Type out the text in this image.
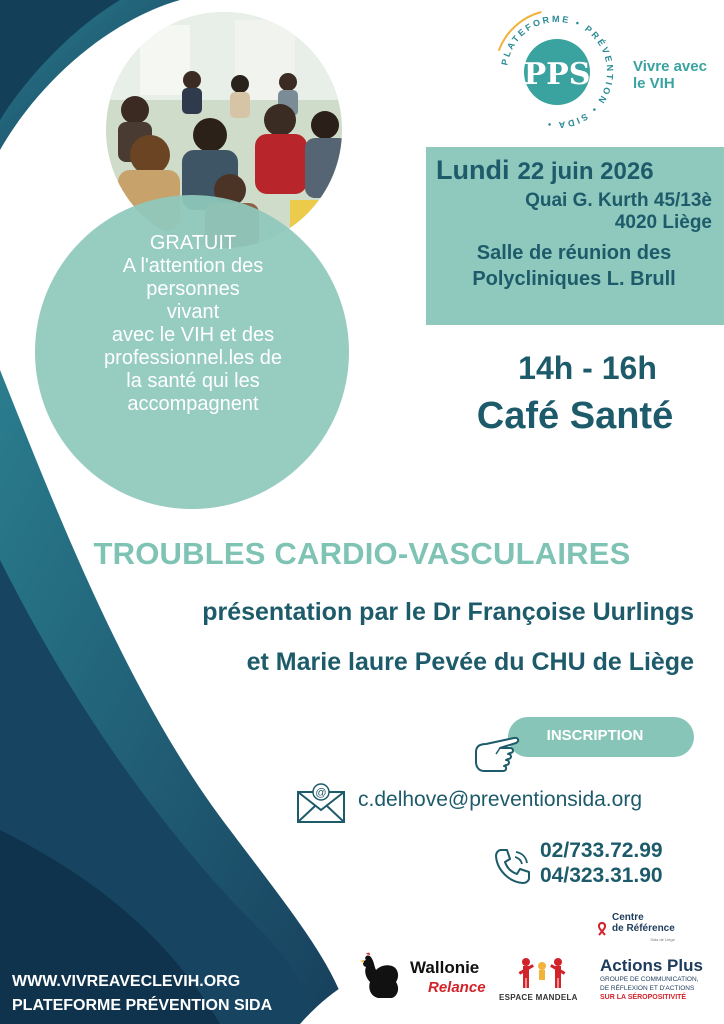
PPS
PLATEFORME • PRÉVENTION • SIDA •
Vivre avec
le VIH
Lundi 22 juin 2026
Quai G. Kurth 45/13è
4020 Liège
Salle de réunion des
Polycliniques L. Brull
14h - 16h
Café Santé
GRATUIT
A l'attention des
personnes
vivant
avec le VIH et des
professionnel.les de
la santé qui les
accompagnent
TROUBLES CARDIO-VASCULAIRES
présentation par le Dr Françoise Uurlings
et Marie laure Pevée du CHU de Liège
INSCRIPTION
@ c.delhove@preventionsida.org
02/733.72.99
04/323.31.90
WWW.VIVREAVECLEVIH.ORG
PLATEFORME PRÉVENTION SIDA
Centre
de Référence
Sida de Liège
Wallonie
Relance
ESPACE MANDELA
Actions Plus
GROUPE DE COMMUNICATION,
DE RÉFLEXION ET D'ACTIONS
SUR LA SÉROPOSITIVITÉ
